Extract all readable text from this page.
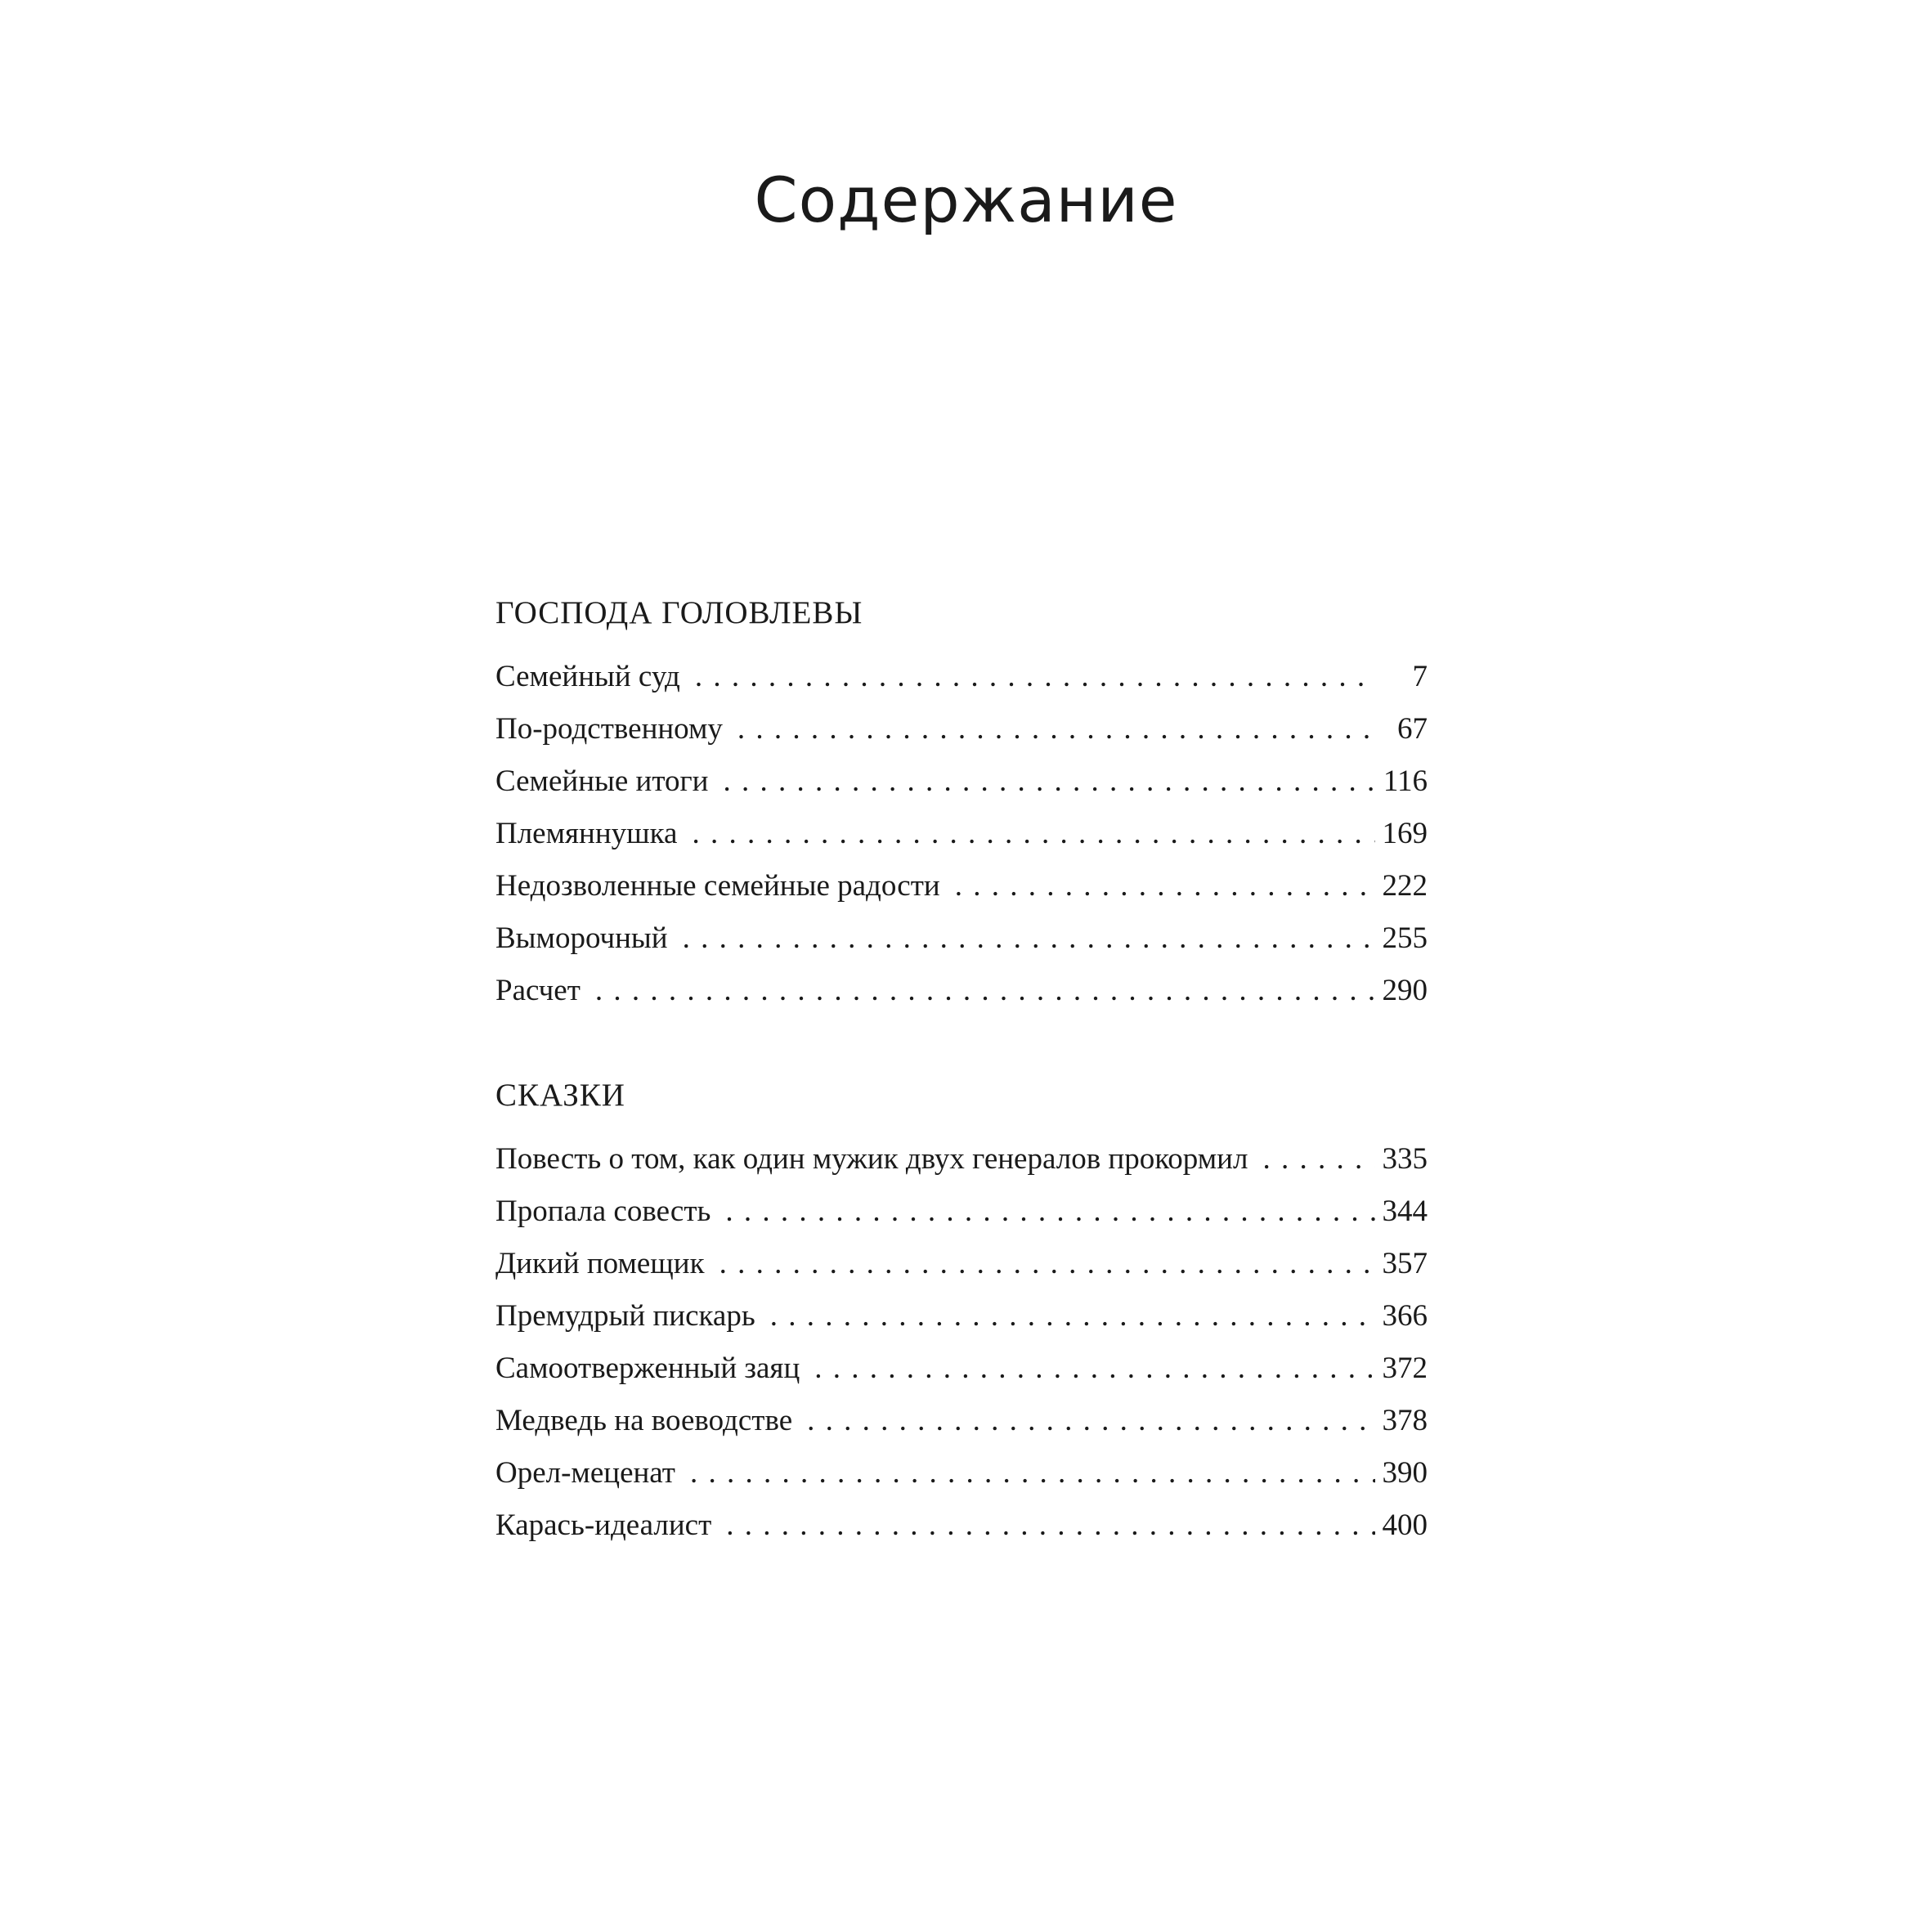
Содержание
ГОСПОДА ГОЛОВЛЕВЫ
Семейный суд . . .	7
По-родственному . . .	67
Семейные итоги . . .	116
Племяннушка . . .	169
Недозволенные семейные радости . . .	222
Выморочный . . .	255
Расчет . . .	290
СКАЗКИ
Повесть о том, как один мужик двух генералов прокормил . . .	335
Пропала совесть . . .	344
Дикий помещик . . .	357
Премудрый пискарь . . .	366
Самоотверженный заяц . . .	372
Медведь на воеводстве . . .	378
Орел-меценат . . .	390
Карась-идеалист . . .	400
